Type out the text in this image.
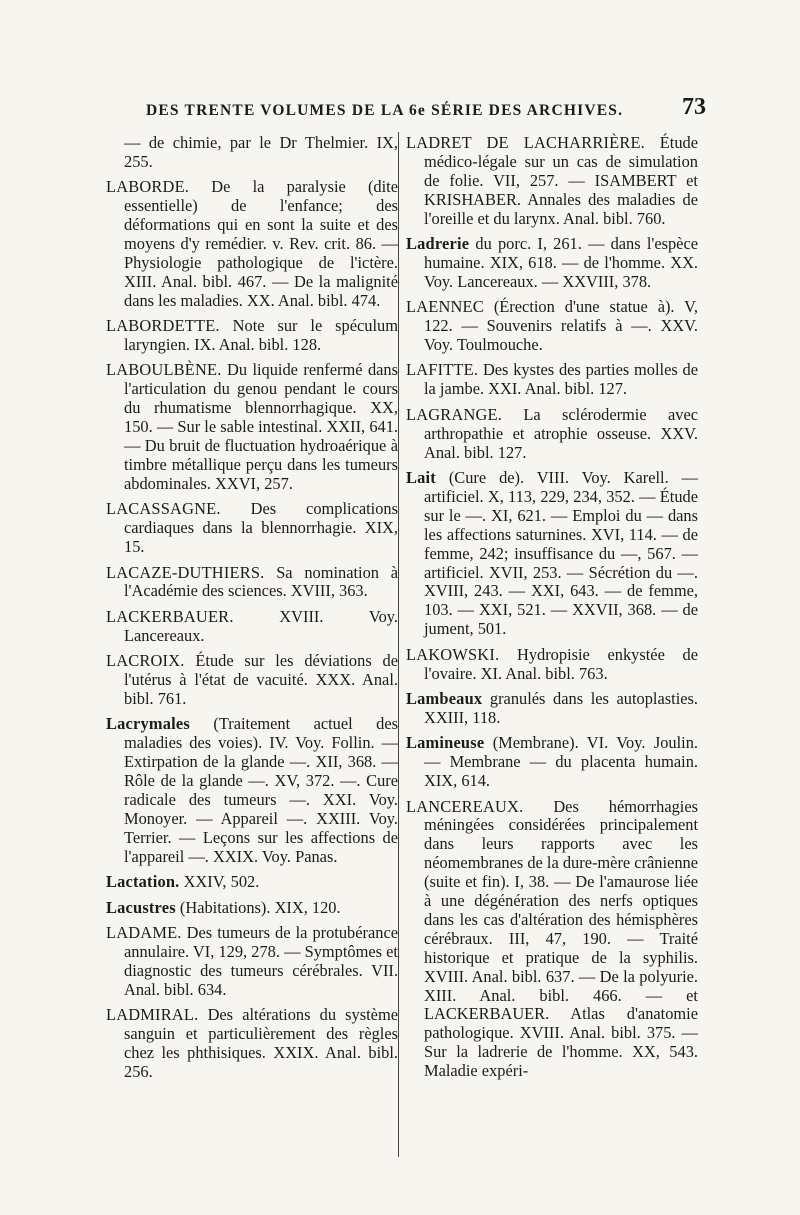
DES TRENTE VOLUMES DE LA 6e SÉRIE DES ARCHIVES. 73

— de chimie, par le Dr Thelmier. IX, 255.

LABORDE. De la paralysie (dite essentielle) de l'enfance; des déformations qui en sont la suite et des moyens d'y remédier. v. Rev. crit. 86. — Physiologie pathologique de l'ictère. XIII. Anal. bibl. 467. — De la malignité dans les maladies. XX. Anal. bibl. 474.

LABORDETTE. Note sur le spéculum laryngien. IX. Anal. bibl. 128.

LABOULBÈNE. Du liquide renfermé dans l'articulation du genou pendant le cours du rhumatisme blennorrhagique. XX, 150. — Sur le sable intestinal. XXII, 641. — Du bruit de fluctuation hydroaérique à timbre métallique perçu dans les tumeurs abdominales. XXVI, 257.

LACASSAGNE. Des complications cardiaques dans la blennorrhagie. XIX, 15.

LACAZE-DUTHIERS. Sa nomination à l'Académie des sciences. XVIII, 363.

LACKERBAUER. XVIII. Voy. Lancereaux.

LACROIX. Étude sur les déviations de l'utérus à l'état de vacuité. XXX. Anal. bibl. 761.

Lacrymales (Traitement actuel des maladies des voies). IV. Voy. Follin. — Extirpation de la glande —. XII, 368. — Rôle de la glande —. XV, 372. —. Cure radicale des tumeurs —. XXI. Voy. Monoyer. — Appareil —. XXIII. Voy. Terrier. — Leçons sur les affections de l'appareil —. XXIX. Voy. Panas.

Lactation. XXIV, 502.

Lacustres (Habitations). XIX, 120.

LADAME. Des tumeurs de la protubérance annulaire. VI, 129, 278. — Symptômes et diagnostic des tumeurs cérébrales. VII. Anal. bibl. 634.

LADMIRAL. Des altérations du système sanguin et particulièrement des règles chez les phthisiques. XXIX. Anal. bibl. 256.

LADRET DE LACHARRIÈRE. Étude médico-légale sur un cas de simulation de folie. VII, 257. — ISAMBERT et KRISHABER. Annales des maladies de l'oreille et du larynx. Anal. bibl. 760.

Ladrerie du porc. I, 261. — dans l'espèce humaine. XIX, 618. — de l'homme. XX. Voy. Lancereaux. — XXVIII, 378.

LAENNEC (Érection d'une statue à). V, 122. — Souvenirs relatifs à —. XXV. Voy. Toulmouche.

LAFITTE. Des kystes des parties molles de la jambe. XXI. Anal. bibl. 127.

LAGRANGE. La sclérodermie avec arthropathie et atrophie osseuse. XXV. Anal. bibl. 127.

Lait (Cure de). VIII. Voy. Karell. — artificiel. X, 113, 229, 234, 352. — Étude sur le —. XI, 621. — Emploi du — dans les affections saturnines. XVI, 114. — de femme, 242; insuffisance du —, 567. — artificiel. XVII, 253. — Sécrétion du —. XVIII, 243. — XXI, 643. — de femme, 103. — XXI, 521. — XXVII, 368. — de jument, 501.

LAKOWSKI. Hydropisie enkystée de l'ovaire. XI. Anal. bibl. 763.

Lambeaux granulés dans les autoplasties. XXIII, 118.

Lamineuse (Membrane). VI. Voy. Joulin. — Membrane — du placenta humain. XIX, 614.

LANCEREAUX. Des hémorrhagies méningées considérées principalement dans leurs rapports avec les néomembranes de la dure-mère crânienne (suite et fin). I, 38. — De l'amaurose liée à une dégénération des nerfs optiques dans les cas d'altération des hémisphères cérébraux. III, 47, 190. — Traité historique et pratique de la syphilis. XVIII. Anal. bibl. 637. — De la polyurie. XIII. Anal. bibl. 466. — et LACKERBAUER. Atlas d'anatomie pathologique. XVIII. Anal. bibl. 375. — Sur la ladrerie de l'homme. XX, 543. Maladie expéri-
